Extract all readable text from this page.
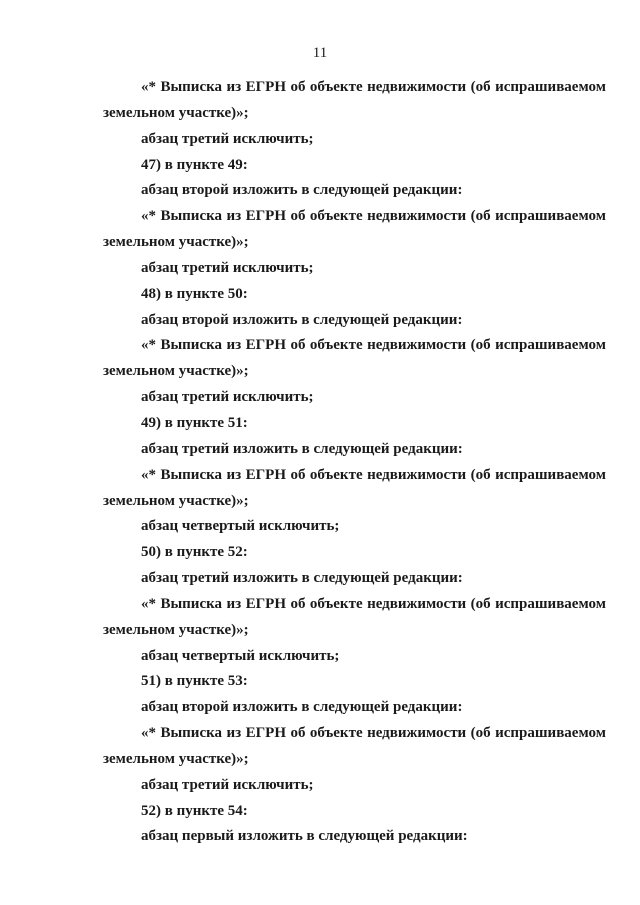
11
«* Выписка из ЕГРН об объекте недвижимости (об испрашиваемом
земельном участке)»;
абзац третий исключить;
47) в пункте 49:
абзац второй изложить в следующей редакции:
«* Выписка из ЕГРН об объекте недвижимости (об испрашиваемом
земельном участке)»;
абзац третий исключить;
48) в пункте 50:
абзац второй изложить в следующей редакции:
«* Выписка из ЕГРН об объекте недвижимости (об испрашиваемом
земельном участке)»;
абзац третий исключить;
49) в пункте 51:
абзац третий изложить в следующей редакции:
«* Выписка из ЕГРН об объекте недвижимости (об испрашиваемом
земельном участке)»;
абзац четвертый исключить;
50) в пункте 52:
абзац третий изложить в следующей редакции:
«* Выписка из ЕГРН об объекте недвижимости (об испрашиваемом
земельном участке)»;
абзац четвертый исключить;
51) в пункте 53:
абзац второй изложить в следующей редакции:
«* Выписка из ЕГРН об объекте недвижимости (об испрашиваемом
земельном участке)»;
абзац третий исключить;
52) в пункте 54:
абзац первый изложить в следующей редакции:
